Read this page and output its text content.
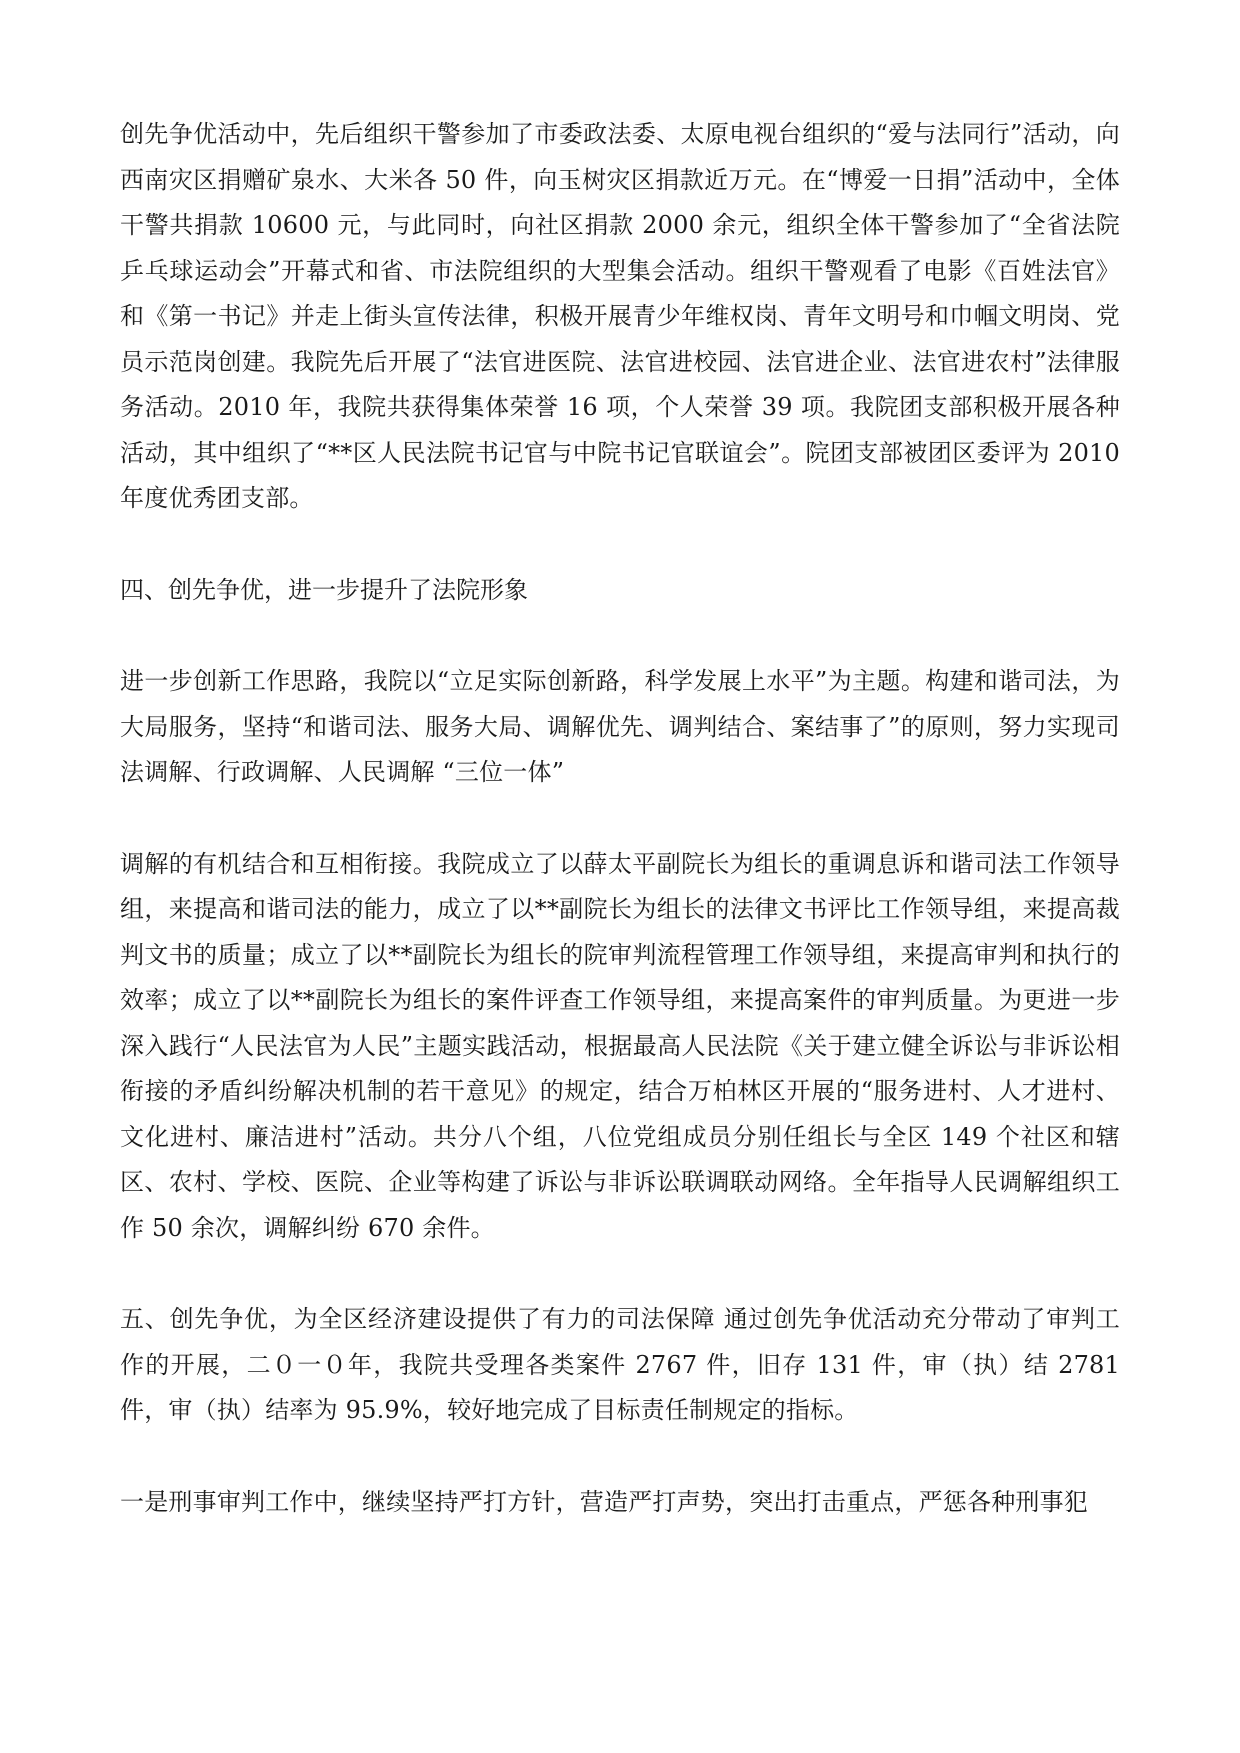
创先争优活动中，先后组织干警参加了市委政法委、太原电视台组织的“爱与法同行”活动，向西南灾区捐赠矿泉水、大米各 50 件，向玉树灾区捐款近万元。在“博爱一日捐”活动中，全体干警共捐款 10600 元，与此同时，向社区捐款 2000 余元，组织全体干警参加了“全省法院乒乓球运动会”开幕式和省、市法院组织的大型集会活动。组织干警观看了电影《百姓法官》和《第一书记》并走上街头宣传法律，积极开展青少年维权岗、青年文明号和巾帼文明岗、党员示范岗创建。我院先后开展了“法官进医院、法官进校园、法官进企业、法官进农村”法律服务活动。2010 年，我院共获得集体荣誉 16 项，个人荣誉 39 项。我院团支部积极开展各种活动，其中组织了“**区人民法院书记官与中院书记官联谊会”。院团支部被团区委评为 2010 年度优秀团支部。

四、创先争优，进一步提升了法院形象

进一步创新工作思路，我院以“立足实际创新路，科学发展上水平”为主题。构建和谐司法，为大局服务，坚持“和谐司法、服务大局、调解优先、调判结合、案结事了”的原则，努力实现司法调解、行政调解、人民调解 “三位一体”

调解的有机结合和互相衔接。我院成立了以薛太平副院长为组长的重调息诉和谐司法工作领导组，来提高和谐司法的能力，成立了以**副院长为组长的法律文书评比工作领导组，来提高裁判文书的质量；成立了以**副院长为组长的院审判流程管理工作领导组，来提高审判和执行的效率；成立了以**副院长为组长的案件评查工作领导组，来提高案件的审判质量。为更进一步深入践行“人民法官为人民”主题实践活动，根据最高人民法院《关于建立健全诉讼与非诉讼相衔接的矛盾纠纷解决机制的若干意见》的规定，结合万柏林区开展的“服务进村、人才进村、文化进村、廉洁进村”活动。共分八个组，八位党组成员分别任组长与全区 149 个社区和辖区、农村、学校、医院、企业等构建了诉讼与非诉讼联调联动网络。全年指导人民调解组织工作 50 余次，调解纠纷 670 余件。

五、创先争优，为全区经济建设提供了有力的司法保障 通过创先争优活动充分带动了审判工作的开展，二０一０年，我院共受理各类案件 2767 件，旧存 131 件，审（执）结 2781 件，审（执）结率为 95.9%，较好地完成了目标责任制规定的指标。

一是刑事审判工作中，继续坚持严打方针，营造严打声势，突出打击重点，严惩各种刑事犯
